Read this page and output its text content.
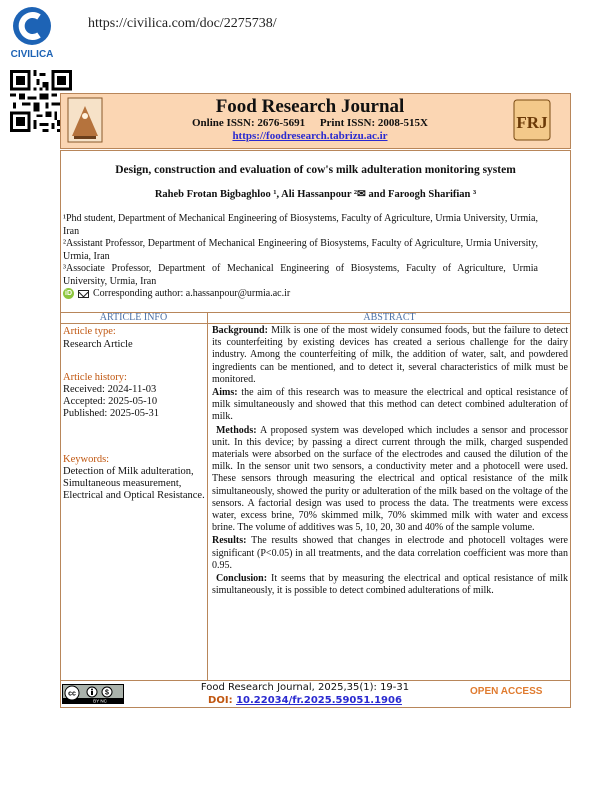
CIVILICA
https://civilica.com/doc/2275738/
FRJ
Food Research Journal
Online ISSN: 2676-5691 Print ISSN: 2008-515X
https://foodresearch.tabrizu.ac.ir
Design, construction and evaluation of cow's milk adulteration monitoring system
Raheb Frotan Bigbaghloo ¹, Ali Hassanpour ²✉ and Faroogh Sharifian ³
¹Phd student, Department of Mechanical Engineering of Biosystems, Faculty of Agriculture, Urmia University, Urmia, Iran
²Assistant Professor, Department of Mechanical Engineering of Biosystems, Faculty of Agriculture, Urmia University, Urmia, Iran
³Associate Professor, Department of Mechanical Engineering of Biosystems, Faculty of Agriculture, Urmia University, Urmia, Iran
iD Corresponding author: a.hassanpour@urmia.ac.ir
ARTICLE INFO	ABSTRACT
Article type:
Research Article
Article history:
Received: 2024-11-03
Accepted: 2025-05-10
Published: 2025-05-31
Keywords:
Detection of Milk adulteration, Simultaneous measurement, Electrical and Optical Resistance.

Background: Milk is one of the most widely consumed foods, but the failure to detect its counterfeiting by existing devices has created a serious challenge for the dairy industry. Among the counterfeiting of milk, the addition of water, salt, and powdered ingredients can be mentioned, and to detect it, several characteristics of milk must be monitored.

Aims: the aim of this research was to measure the electrical and optical resistance of milk simultaneously and showed that this method can detect combined adulteration of milk.

Methods: A proposed system was developed which includes a sensor and processor unit. In this device; by passing a direct current through the milk, charged suspended materials were absorbed on the surface of the electrodes and caused the dilution of the milk. In the sensor unit two sensors, a conductivity meter and a photocell were used. These sensors through measuring the electrical and optical resistance of the milk simultaneously, showed the purity or adulteration of the milk based on the voltage of the sensors. A factorial design was used to process the data. The treatments were excess water, excess brine, 70% skimmed milk, 70% skimmed milk with water and excess brine. The volume of additives was 5, 10, 20, 30 and 40% of the sample volume.

Results: The results showed that changes in electrode and photocell voltages were significant (P<0.05) in all treatments, and the data correlation coefficient was more than 0.95.

Conclusion: It seems that by measuring the electrical and optical resistance of milk simultaneously, it is possible to detect combined adulterations of milk.

cc	$
BY NC
Food Research Journal, 2025,35(1): 19-31
DOI: 10.22034/fr.2025.59051.1906
OPEN ACCESS
